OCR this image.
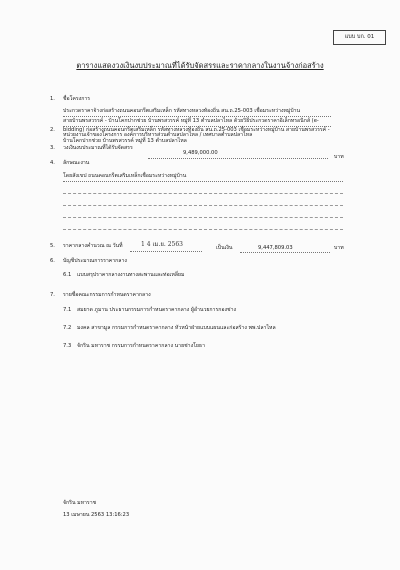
แบบ บก. 01
ตารางแสดงวงเงินงบประมาณที่ได้รับจัดสรรและราคากลางในงานจ้างก่อสร้าง
1. ชื่อโครงการ
ประกวดราคาจ้างก่อสร้างถนนคอนกรีตเสริมเหล็ก รหัสทางหลวงท้องถิ่น สน.ถ.25-003 เชื่อมระหว่างหมู่บ้าน
สายบ้านพรสวรรค์ - บ้านโคกปากช่วย บ้านพรสวรรค์ หมู่ที่ 13 ตำบลปลาไหล ด้วยวิธีประกวดราคาอิเล็กทรอนิกส์ (e-
bidding) ก่อสร้างถนนคอนกรีตเสริมเหล็ก รหัสทางหลวงท้องถิ่น สน.ถ.25-003 เชื่อมระหว่างหมู่บ้าน สายบ้านพรสวรรค์ -
2.
หน่วยงานเจ้าของโครงการ องค์การบริหารส่วนตำบลปลาไหล / เทศบาลตำบลปลาไหล
บ้านโคกปากช่วย บ้านพรสวรรค์ หมู่ที่ 13 ตำบลปลาไหล
3. วงเงินงบประมาณที่ได้รับจัดสรร
9,489,000.00
บาท
4. ลักษณะงาน
โดยสังเขป ถนนคอนกรีตเสริมเหล็กเชื่อมระหว่างหมู่บ้าน
5. ราคากลางคำนวณ ณ วันที่	1 4 เม.ย. 2563	เป็นเงิน	9,447,809.03	บาท
6. บัญชีประมาณการราคากลาง
6.1 แบบสรุปราคากลางงานทางสะพานและท่อเหลี่ยม
7. รายชื่อคณะกรรมการกำหนดราคากลาง
7.1 สมยาด ภูมาน ประธานกรรมการกำหนดราคากลาง ผู้อำนวยการกองช่าง
7.2 มงคล สาขามูล กรรมการกำหนดราคากลาง หัวหน้าฝ่ายแบบแผนและก่อสร้าง พพ.ปลาไหล
7.3 จักริน มหาราช กรรมการกำหนดราคากลาง นายช่างโยธา
จักริน มหาราช
13 เมษายน 2563 13:16:23
